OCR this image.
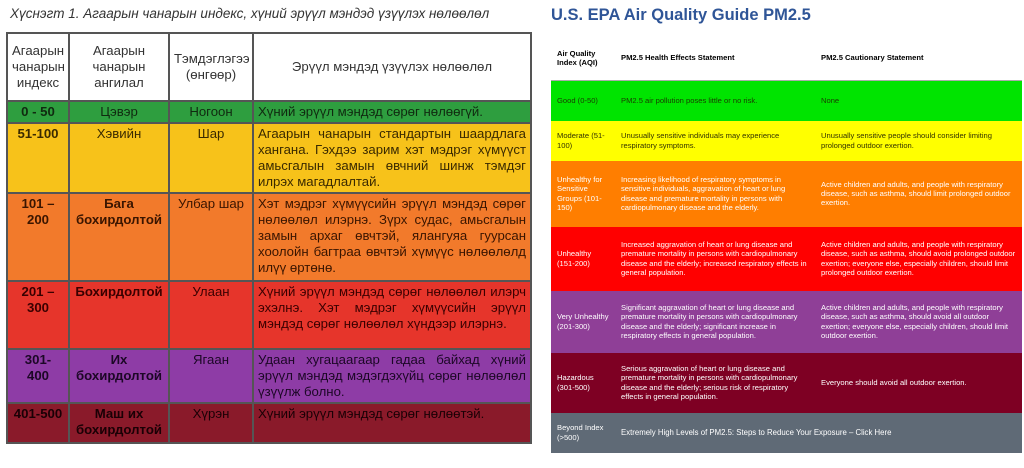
Хүснэгт 1. Агаарын чанарын индекс, хүний эрүүл мэндэд үзүүлэх нөлөөлөл
Агаарын чанарын индекс	Агаарын чанарын ангилал	Тэмдэглэгээ (өнгөөр)	Эрүүл мэндэд үзүүлэх нөлөөлөл
0 - 50	Цэвэр	Ногоон	Хүний эрүүл мэндэд сөрөг нөлөөгүй.
51-100	Хэвийн	Шар	Агаарын чанарын стандартын шаардлага хангана. Гэхдээ зарим хэт мэдрэг хүмүүст амьсгалын замын өвчний шинж тэмдэг илрэх магадлалтай.
101 – 200	Бага бохирдолтой	Улбар шар	Хэт мэдрэг хүмүүсийн эрүүл мэндэд сөрөг нөлөөлөл илэрнэ. Зүрх судас, амьсгалын замын архаг өвчтэй, ялангуяа гуурсан хоолойн багтраа өвчтэй хүмүүс нөлөөлөлд илүү өртөнө.
201 – 300	Бохирдолтой	Улаан	Хүний эрүүл мэндэд сөрөг нөлөөлөл илэрч эхэлнэ. Хэт мэдрэг хүмүүсийн эрүүл мэндэд сөрөг нөлөөлөл хүндээр илэрнэ.
301- 400	Их бохирдолтой	Ягаан	Удаан хугацаагаар гадаа байхад хүний эрүүл мэндэд мэдэгдэхүйц сөрөг нөлөөлөл үзүүлж болно.
401-500	Маш их бохирдолтой	Хүрэн	Хүний эрүүл мэндэд сөрөг нөлөөтэй.
U.S. EPA Air Quality Guide PM2.5
Air Quality Index (AQI)	PM2.5 Health Effects Statement	PM2.5 Cautionary Statement
Good (0-50)	PM2.5 air pollution poses little or no risk.	None
Moderate (51-100)	Unusually sensitive individuals may experience respiratory symptoms.	Unusually sensitive people should consider limiting prolonged outdoor exertion.
Unhealthy for Sensitive Groups (101-150)	Increasing likelihood of respiratory symptoms in sensitive individuals, aggravation of heart or lung disease and premature mortality in persons with cardiopulmonary disease and the elderly.	Active children and adults, and people with respiratory disease, such as asthma, should limit prolonged outdoor exertion.
Unhealthy (151-200)	Increased aggravation of heart or lung disease and premature mortality in persons with cardiopulmonary disease and the elderly; increased respiratory effects in general population.	Active children and adults, and people with respiratory disease, such as asthma, should avoid prolonged outdoor exertion; everyone else, especially children, should limit prolonged outdoor exertion.
Very Unhealthy (201-300)	Significant aggravation of heart or lung disease and premature mortality in persons with cardiopulmonary disease and the elderly; significant increase in respiratory effects in general population.	Active children and adults, and people with respiratory disease, such as asthma, should avoid all outdoor exertion; everyone else, especially children, should limit outdoor exertion.
Hazardous (301-500)	Serious aggravation of heart or lung disease and premature mortality in persons with cardiopulmonary disease and the elderly; serious risk of respiratory effects in general population.	Everyone should avoid all outdoor exertion.
Beyond Index (>500)	Extremely High Levels of PM2.5: Steps to Reduce Your Exposure – Click Here	
